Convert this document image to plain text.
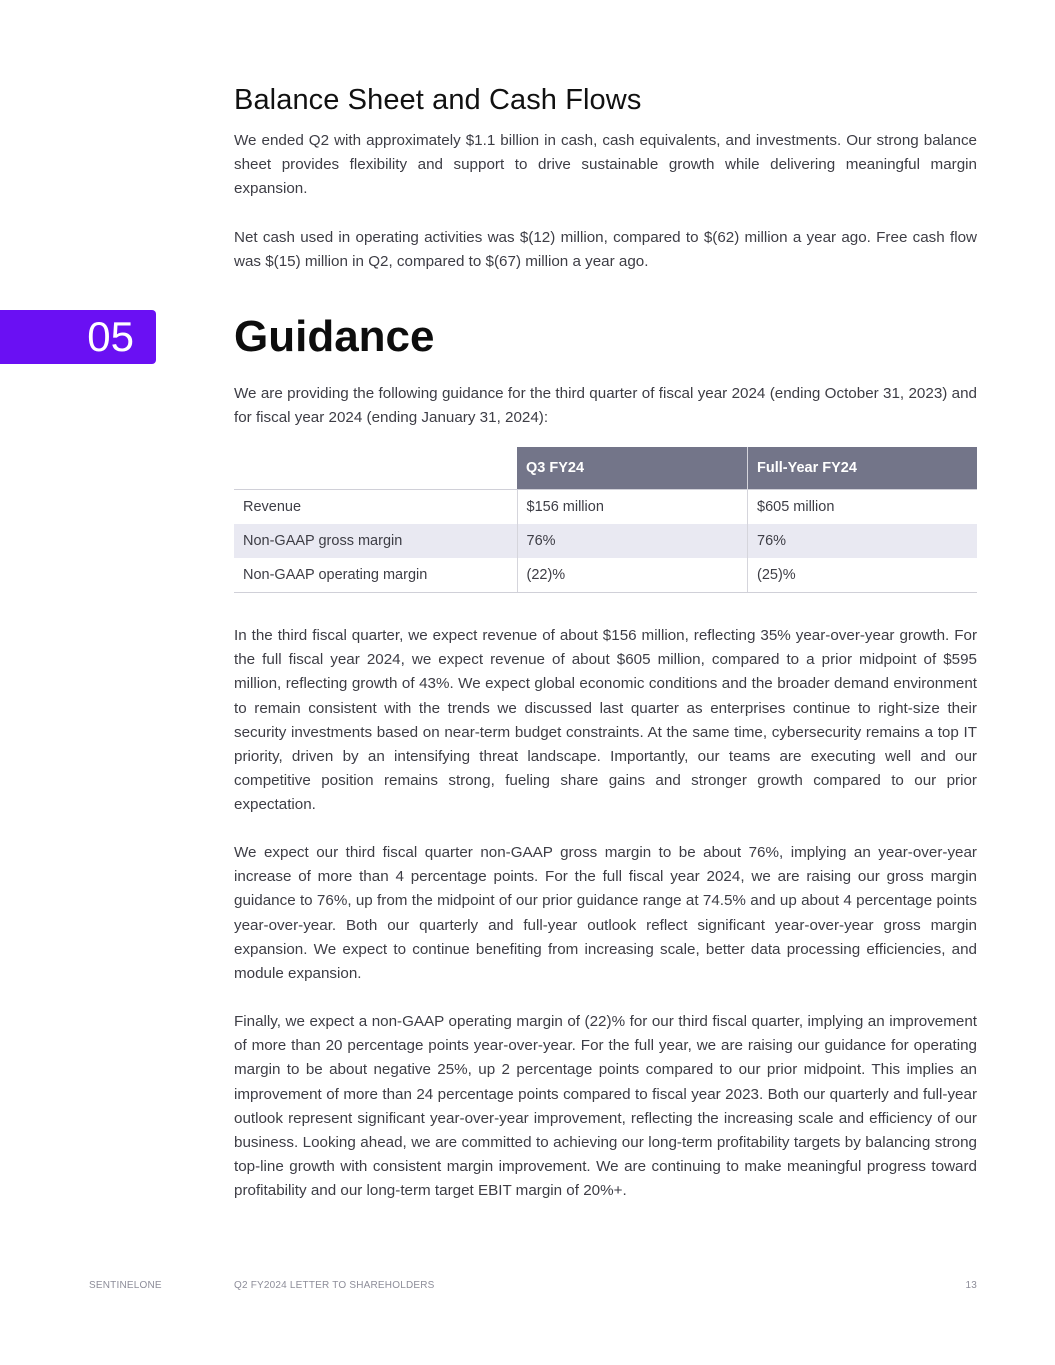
Balance Sheet and Cash Flows

We ended Q2 with approximately $1.1 billion in cash, cash equivalents, and investments. Our strong balance sheet provides flexibility and support to drive sustainable growth while delivering meaningful margin expansion.

Net cash used in operating activities was $(12) million, compared to $(62) million a year ago. Free cash flow was $(15) million in Q2, compared to $(67) million a year ago.

05 Guidance

We are providing the following guidance for the third quarter of fiscal year 2024 (ending October 31, 2023) and for fiscal year 2024 (ending January 31, 2024):

	Q3 FY24	Full-Year FY24
Revenue	$156 million	$605 million
Non-GAAP gross margin	76%	76%
Non-GAAP operating margin	(22)%	(25)%

In the third fiscal quarter, we expect revenue of about $156 million, reflecting 35% year-over-year growth. For the full fiscal year 2024, we expect revenue of about $605 million, compared to a prior midpoint of $595 million, reflecting growth of 43%. We expect global economic conditions and the broader demand environment to remain consistent with the trends we discussed last quarter as enterprises continue to right-size their security investments based on near-term budget constraints. At the same time, cybersecurity remains a top IT priority, driven by an intensifying threat landscape. Importantly, our teams are executing well and our competitive position remains strong, fueling share gains and stronger growth compared to our prior expectation.

We expect our third fiscal quarter non-GAAP gross margin to be about 76%, implying an year-over-year increase of more than 4 percentage points. For the full fiscal year 2024, we are raising our gross margin guidance to 76%, up from the midpoint of our prior guidance range at 74.5% and up about 4 percentage points year-over-year. Both our quarterly and full-year outlook reflect significant year-over-year gross margin expansion. We expect to continue benefiting from increasing scale, better data processing efficiencies, and module expansion.

Finally, we expect a non-GAAP operating margin of (22)% for our third fiscal quarter, implying an improvement of more than 20 percentage points year-over-year. For the full year, we are raising our guidance for operating margin to be about negative 25%, up 2 percentage points compared to our prior midpoint. This implies an improvement of more than 24 percentage points compared to fiscal year 2023. Both our quarterly and full-year outlook represent significant year-over-year improvement, reflecting the increasing scale and efficiency of our business. Looking ahead, we are committed to achieving our long-term profitability targets by balancing strong top-line growth with consistent margin improvement. We are continuing to make meaningful progress toward profitability and our long-term target EBIT margin of 20%+.

SENTINELONE	Q2 FY2024 LETTER TO SHAREHOLDERS	13
